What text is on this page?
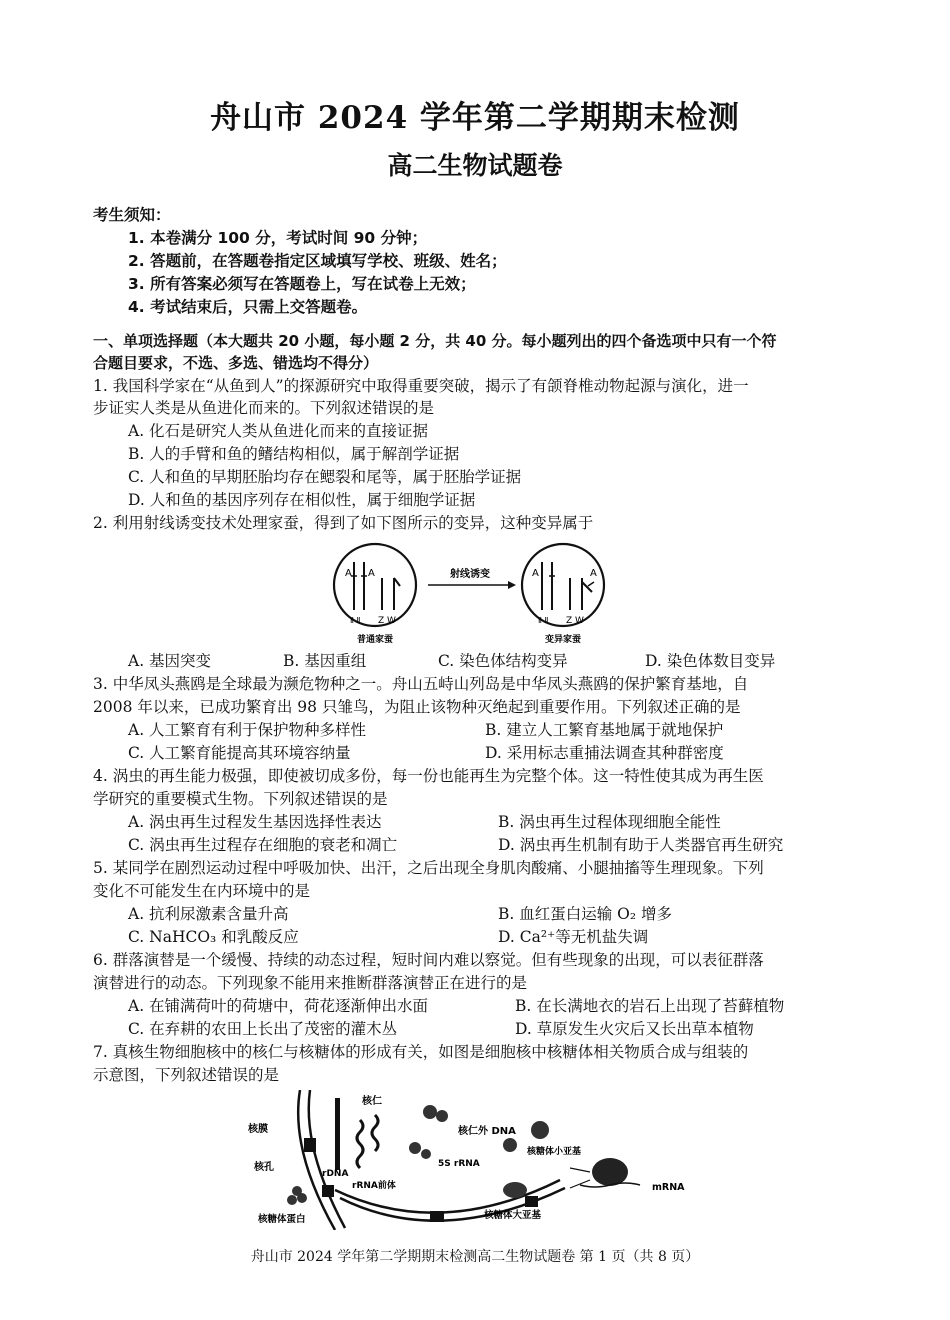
舟山市 2024 学年第二学期期末检测
高二生物试题卷
考生须知：
1. 本卷满分 100 分，考试时间 90 分钟；
2. 答题前，在答题卷指定区域填写学校、班级、姓名；
3. 所有答案必须写在答题卷上，写在试卷上无效；
4. 考试结束后，只需上交答题卷。
一、单项选择题（本大题共 20 小题，每小题 2 分，共 40 分。每小题列出的四个备选项中只有一个符
合题目要求，不选、多选、错选均不得分）
1. 我国科学家在“从鱼到人”的探源研究中取得重要突破，揭示了有颌脊椎动物起源与演化，进一
步证实人类是从鱼进化而来的。下列叙述错误的是
A. 化石是研究人类从鱼进化而来的直接证据
B. 人的手臂和鱼的鳍结构相似，属于解剖学证据
C. 人和鱼的早期胚胎均存在鳃裂和尾等，属于胚胎学证据
D. 人和鱼的基因序列存在相似性，属于细胞学证据
2. 利用射线诱变技术处理家蚕，得到了如下图所示的变异，这种变异属于
A A
Ⅱ Ⅱ Z W
普通家蚕
射线诱变	A
Ⅱ Ⅱ
A
Z W
变异家蚕
A. 基因突变	B. 基因重组	C. 染色体结构变异	D. 染色体数目变异
3. 中华凤头燕鸥是全球最为濒危物种之一。舟山五峙山列岛是中华凤头燕鸥的保护繁育基地，自
2008 年以来，已成功繁育出 98 只雏鸟，为阻止该物种灭绝起到重要作用。下列叙述正确的是
A. 人工繁育有利于保护物种多样性	B. 建立人工繁育基地属于就地保护
C. 人工繁育能提高其环境容纳量	D. 采用标志重捕法调查其种群密度
4. 涡虫的再生能力极强，即使被切成多份，每一份也能再生为完整个体。这一特性使其成为再生医
学研究的重要模式生物。下列叙述错误的是
A. 涡虫再生过程发生基因选择性表达	B. 涡虫再生过程体现细胞全能性
C. 涡虫再生过程存在细胞的衰老和凋亡	D. 涡虫再生机制有助于人类器官再生研究
5. 某同学在剧烈运动过程中呼吸加快、出汗，之后出现全身肌肉酸痛、小腿抽搐等生理现象。下列
变化不可能发生在内环境中的是
A. 抗利尿激素含量升高	B. 血红蛋白运输 O₂ 增多
C. NaHCO₃ 和乳酸反应	D. Ca²⁺等无机盐失调
6. 群落演替是一个缓慢、持续的动态过程，短时间内难以察觉。但有些现象的出现，可以表征群落
演替进行的动态。下列现象不能用来推断群落演替正在进行的是
A. 在铺满荷叶的荷塘中，荷花逐渐伸出水面	B. 在长满地衣的岩石上出现了苔藓植物
C. 在弃耕的农田上长出了茂密的灌木丛	D. 草原发生火灾后又长出草本植物
7. 真核生物细胞核中的核仁与核糖体的形成有关，如图是细胞核中核糖体相关物质合成与组装的
示意图，下列叙述错误的是
核膜
核孔
核仁
rDNA
rRNA前体
5S rRNA
核仁外 DNA
核糖体小亚基
核糖体大亚基
核糖体蛋白
mRNA
舟山市 2024 学年第二学期期末检测高二生物试题卷 第 1 页（共 8 页）
